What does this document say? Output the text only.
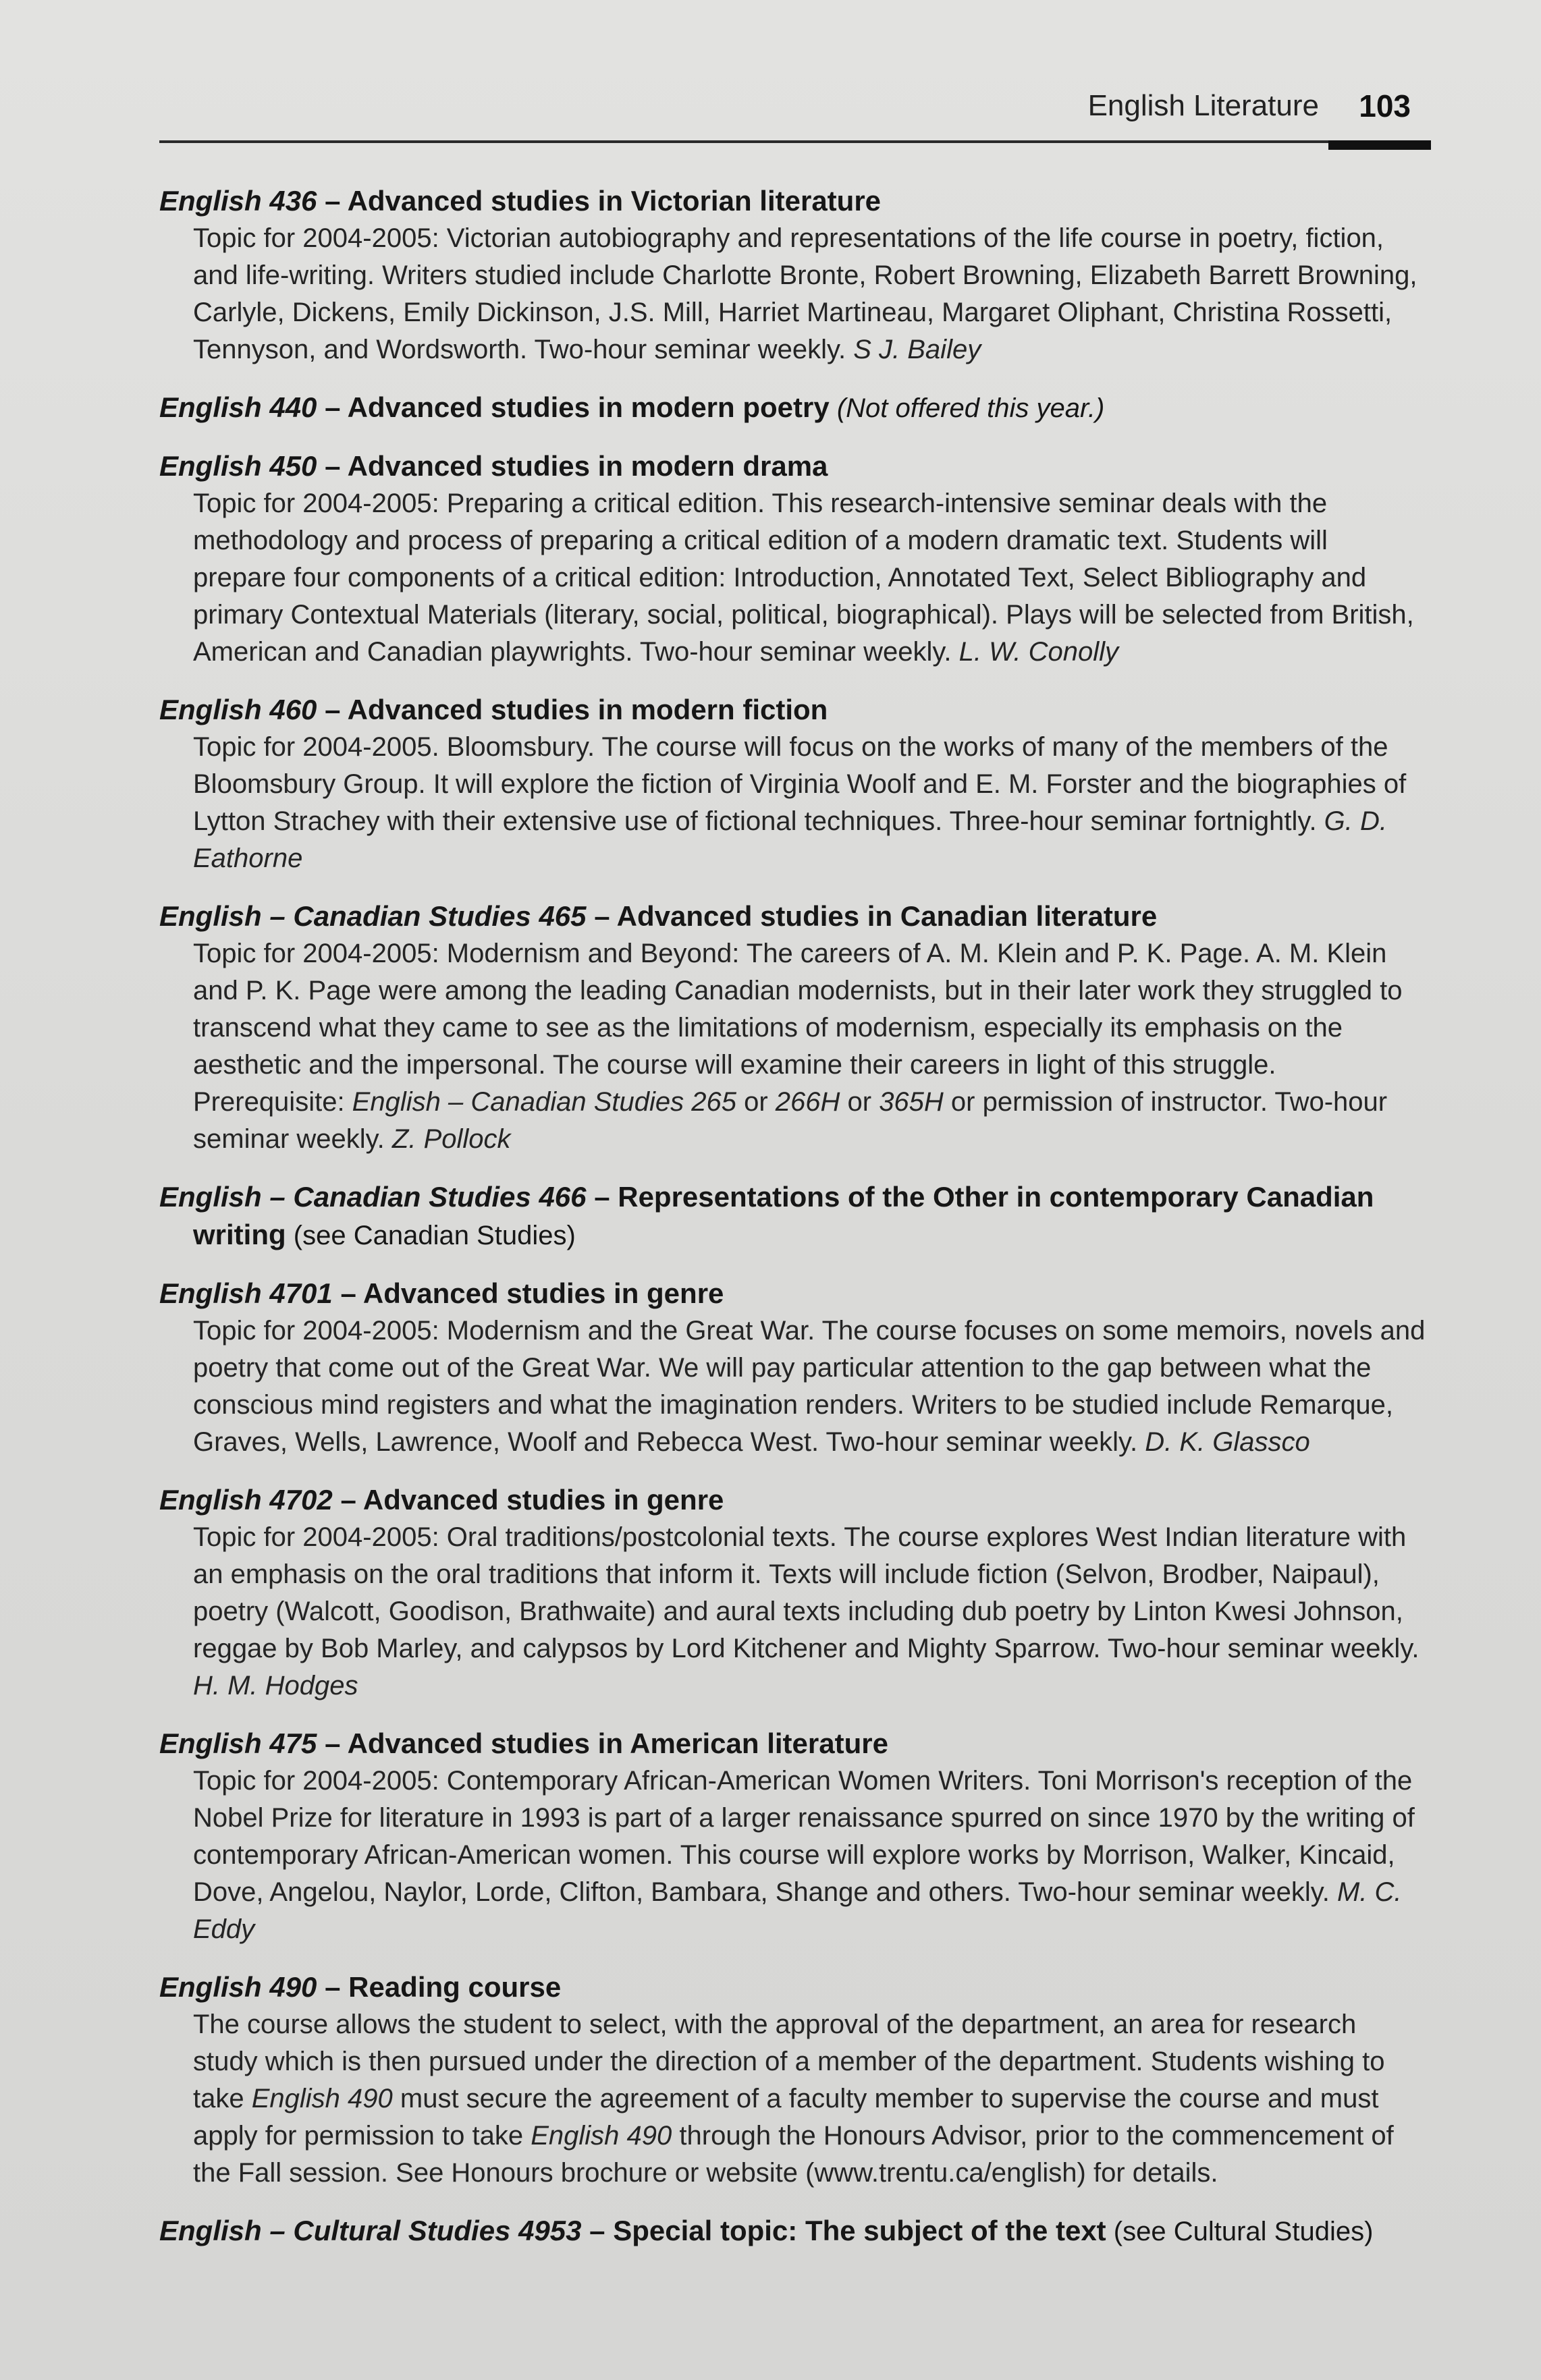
English Literature 103
English 436 – Advanced studies in Victorian literature
Topic for 2004-2005: Victorian autobiography and representations of the life course in poetry, fiction, and life-writing. Writers studied include Charlotte Bronte, Robert Browning, Elizabeth Barrett Browning, Carlyle, Dickens, Emily Dickinson, J.S. Mill, Harriet Martineau, Margaret Oliphant, Christina Rossetti, Tennyson, and Wordsworth. Two-hour seminar weekly. S J. Bailey
English 440 – Advanced studies in modern poetry (Not offered this year.)
English 450 – Advanced studies in modern drama
Topic for 2004-2005: Preparing a critical edition. This research-intensive seminar deals with the methodology and process of preparing a critical edition of a modern dramatic text. Students will prepare four components of a critical edition: Introduction, Annotated Text, Select Bibliography and primary Contextual Materials (literary, social, political, biographical). Plays will be selected from British, American and Canadian playwrights. Two-hour seminar weekly. L. W. Conolly
English 460 – Advanced studies in modern fiction
Topic for 2004-2005. Bloomsbury. The course will focus on the works of many of the members of the Bloomsbury Group. It will explore the fiction of Virginia Woolf and E. M. Forster and the biographies of Lytton Strachey with their extensive use of fictional techniques. Three-hour seminar fortnightly. G. D. Eathorne
English – Canadian Studies 465 – Advanced studies in Canadian literature
Topic for 2004-2005: Modernism and Beyond: The careers of A. M. Klein and P. K. Page. A. M. Klein and P. K. Page were among the leading Canadian modernists, but in their later work they struggled to transcend what they came to see as the limitations of modernism, especially its emphasis on the aesthetic and the impersonal. The course will examine their careers in light of this struggle. Prerequisite: English – Canadian Studies 265 or 266H or 365H or permission of instructor. Two-hour seminar weekly. Z. Pollock
English – Canadian Studies 466 – Representations of the Other in contemporary Canadian
writing (see Canadian Studies)
English 4701 – Advanced studies in genre
Topic for 2004-2005: Modernism and the Great War. The course focuses on some memoirs, novels and poetry that come out of the Great War. We will pay particular attention to the gap between what the conscious mind registers and what the imagination renders. Writers to be studied include Remarque, Graves, Wells, Lawrence, Woolf and Rebecca West. Two-hour seminar weekly. D. K. Glassco
English 4702 – Advanced studies in genre
Topic for 2004-2005: Oral traditions/postcolonial texts. The course explores West Indian literature with an emphasis on the oral traditions that inform it. Texts will include fiction (Selvon, Brodber, Naipaul), poetry (Walcott, Goodison, Brathwaite) and aural texts including dub poetry by Linton Kwesi Johnson, reggae by Bob Marley, and calypsos by Lord Kitchener and Mighty Sparrow. Two-hour seminar weekly. H. M. Hodges
English 475 – Advanced studies in American literature
Topic for 2004-2005: Contemporary African-American Women Writers. Toni Morrison's reception of the Nobel Prize for literature in 1993 is part of a larger renaissance spurred on since 1970 by the writing of contemporary African-American women. This course will explore works by Morrison, Walker, Kincaid, Dove, Angelou, Naylor, Lorde, Clifton, Bambara, Shange and others. Two-hour seminar weekly. M. C. Eddy
English 490 – Reading course
The course allows the student to select, with the approval of the department, an area for research study which is then pursued under the direction of a member of the department. Students wishing to take English 490 must secure the agreement of a faculty member to supervise the course and must apply for permission to take English 490 through the Honours Advisor, prior to the commencement of the Fall session. See Honours brochure or website (www.trentu.ca/english) for details.
English – Cultural Studies 4953 – Special topic: The subject of the text (see Cultural Studies)
